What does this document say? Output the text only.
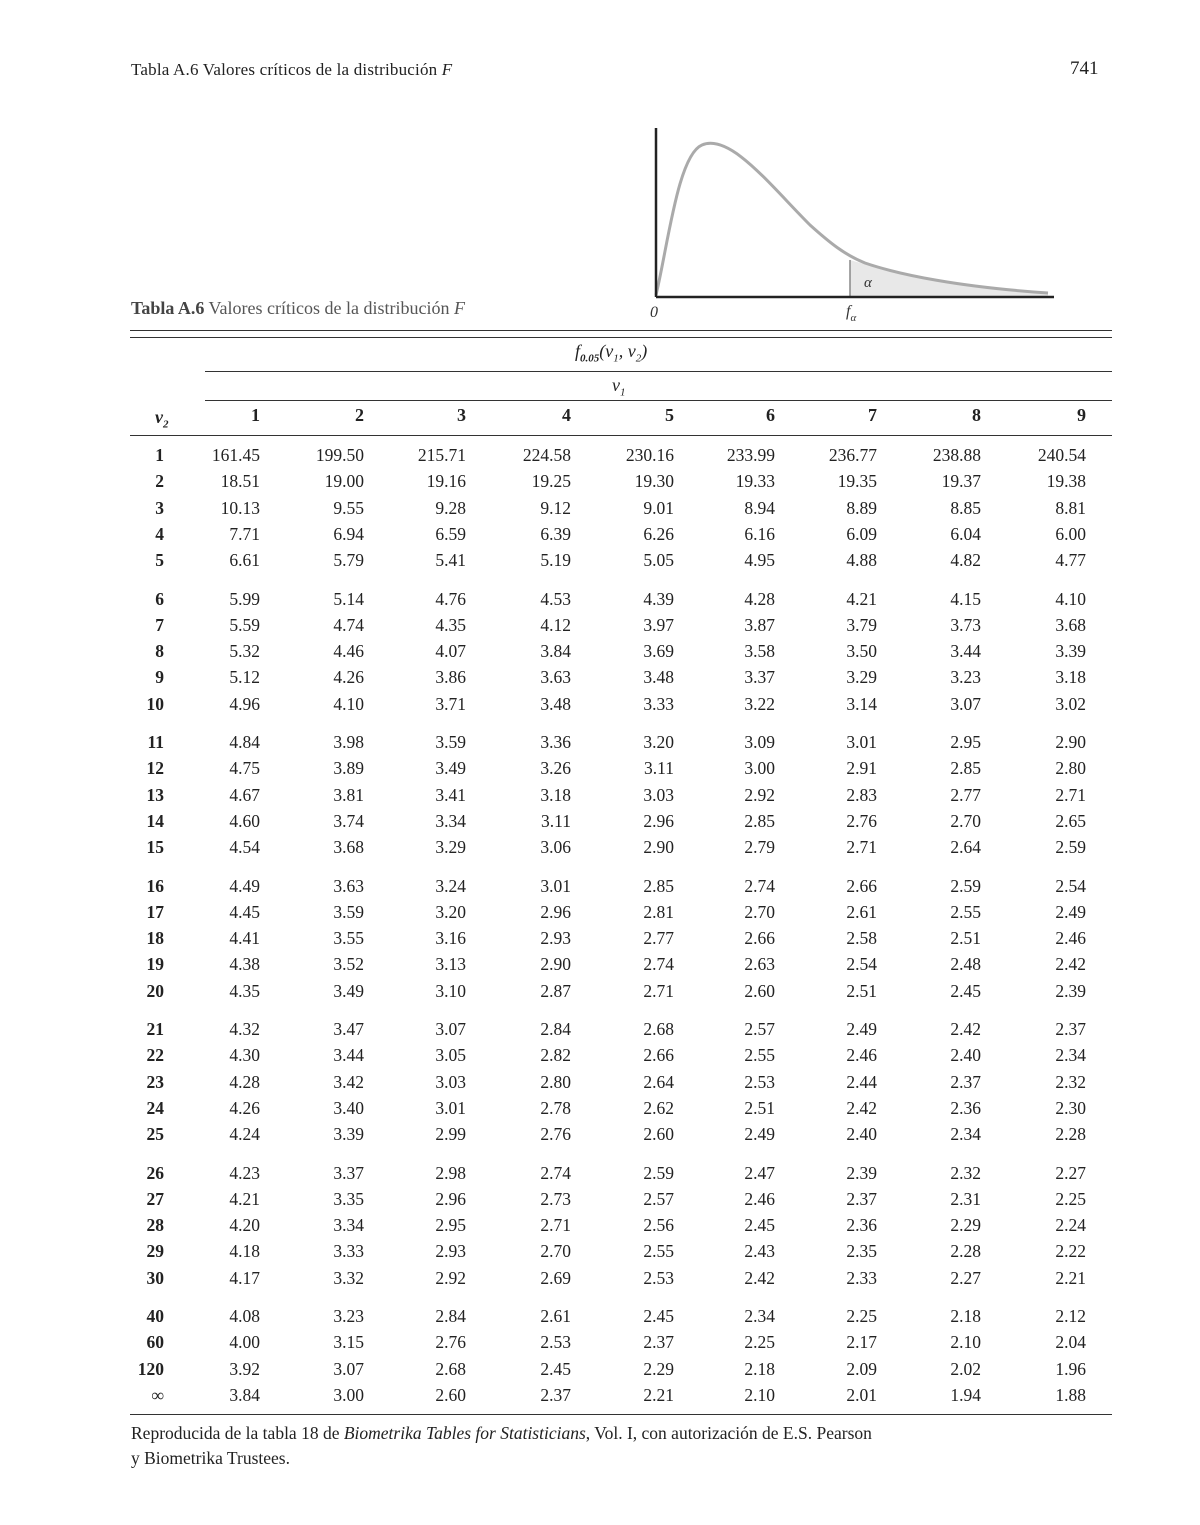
Tabla A.6 Valores críticos de la distribución F	741
α
0	$f_\alpha$
Tabla A.6 Valores críticos de la distribución F
$f_{0.05}(v_1$, $v_2$)
$v_1$
$v_2$	1	2	3	4	5	6	7	8	9
1	161.45	199.50	215.71	224.58	230.16	233.99	236.77	238.88	240.54
2	18.51	19.00	19.16	19.25	19.30	19.33	19.35	19.37	19.38
3	10.13	9.55	9.28	9.12	9.01	8.94	8.89	8.85	8.81
4	7.71	6.94	6.59	6.39	6.26	6.16	6.09	6.04	6.00
5	6.61	5.79	5.41	5.19	5.05	4.95	4.88	4.82	4.77
6	5.99	5.14	4.76	4.53	4.39	4.28	4.21	4.15	4.10
7	5.59	4.74	4.35	4.12	3.97	3.87	3.79	3.73	3.68
8	5.32	4.46	4.07	3.84	3.69	3.58	3.50	3.44	3.39
9	5.12	4.26	3.86	3.63	3.48	3.37	3.29	3.23	3.18
10	4.96	4.10	3.71	3.48	3.33	3.22	3.14	3.07	3.02
11	4.84	3.98	3.59	3.36	3.20	3.09	3.01	2.95	2.90
12	4.75	3.89	3.49	3.26	3.11	3.00	2.91	2.85	2.80
13	4.67	3.81	3.41	3.18	3.03	2.92	2.83	2.77	2.71
14	4.60	3.74	3.34	3.11	2.96	2.85	2.76	2.70	2.65
15	4.54	3.68	3.29	3.06	2.90	2.79	2.71	2.64	2.59
16	4.49	3.63	3.24	3.01	2.85	2.74	2.66	2.59	2.54
17	4.45	3.59	3.20	2.96	2.81	2.70	2.61	2.55	2.49
18	4.41	3.55	3.16	2.93	2.77	2.66	2.58	2.51	2.46
19	4.38	3.52	3.13	2.90	2.74	2.63	2.54	2.48	2.42
20	4.35	3.49	3.10	2.87	2.71	2.60	2.51	2.45	2.39
21	4.32	3.47	3.07	2.84	2.68	2.57	2.49	2.42	2.37
22	4.30	3.44	3.05	2.82	2.66	2.55	2.46	2.40	2.34
23	4.28	3.42	3.03	2.80	2.64	2.53	2.44	2.37	2.32
24	4.26	3.40	3.01	2.78	2.62	2.51	2.42	2.36	2.30
25	4.24	3.39	2.99	2.76	2.60	2.49	2.40	2.34	2.28
26	4.23	3.37	2.98	2.74	2.59	2.47	2.39	2.32	2.27
27	4.21	3.35	2.96	2.73	2.57	2.46	2.37	2.31	2.25
28	4.20	3.34	2.95	2.71	2.56	2.45	2.36	2.29	2.24
29	4.18	3.33	2.93	2.70	2.55	2.43	2.35	2.28	2.22
30	4.17	3.32	2.92	2.69	2.53	2.42	2.33	2.27	2.21
40	4.08	3.23	2.84	2.61	2.45	2.34	2.25	2.18	2.12
60	4.00	3.15	2.76	2.53	2.37	2.25	2.17	2.10	2.04
120	3.92	3.07	2.68	2.45	2.29	2.18	2.09	2.02	1.96
∞	3.84	3.00	2.60	2.37	2.21	2.10	2.01	1.94	1.88
Reproducida de la tabla 18 de Biometrika Tables for Statisticians, Vol. I, con autorización de E.S. Pearson
y Biometrika Trustees.
